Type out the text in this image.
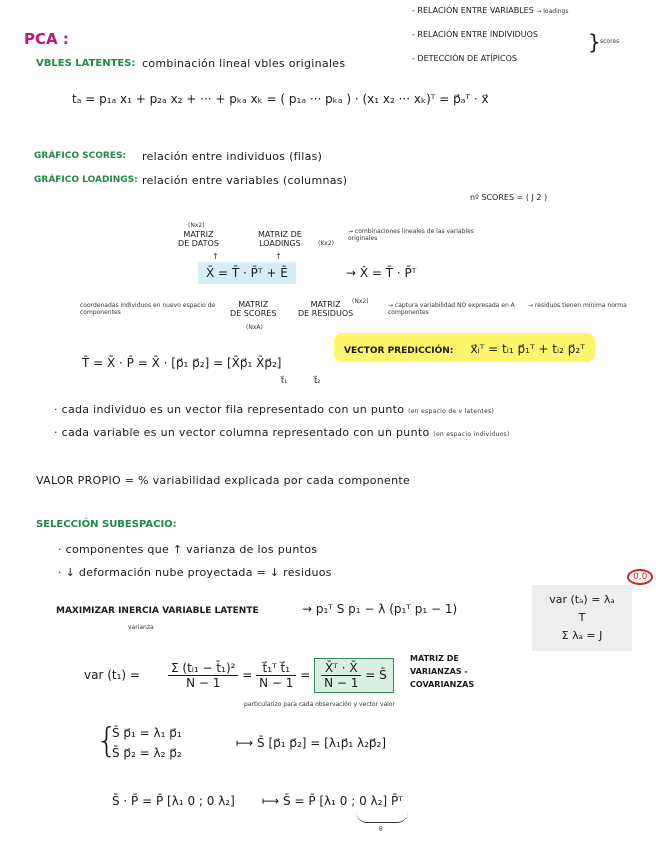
PCA :
- RELACIÓN ENTRE VARIABLES → loadings
- RELACIÓN ENTRE INDIVIDUOS
- DETECCIÓN DE ATÍPICOS
} scores
VBLES LATENTES: combinación lineal vbles originales
tₐ = p₁ₐ x₁ + p₂ₐ x₂ + ··· + pₖₐ xₖ = ( p₁ₐ ··· pₖₐ ) · (x₁ x₂ ··· xₖ)ᵀ = p⃗ₐᵀ · x⃗
GRÁFICO SCORES: relación entre individuos (filas)
GRÁFICO LOADINGS: relación entre variables (columnas)
nº SCORES = ( J 2 )
(Nx2)
MATRIZ
DE DATOS
MATRIZ DE
LOADINGS	(Kx2)
→ combinaciones lineales de las variables originales
↑	↑
X̄ = T̄ · P̄ᵀ + Ē	→ X̂ = T̄ · P̄ᵀ
coordenadas individuos en nuevo espacio de componentes
MATRIZ
DE SCORES
(NxA)
MATRIZ
DE RESIDUOS
(Nx2)
→ captura variabilidad NO expresada en A componentes
→ residuos tienen mínima norma
VECTOR PREDICCIÓN: x⃗ᵢᵀ = tᵢ₁ p⃗₁ᵀ + tᵢ₂ p⃗₂ᵀ
T̄ = X̄ · P̄ = X̄ · [p⃗₁ p⃗₂] = [X̄p⃗₁ X̄p⃗₂]
t⃗₁	t⃗₂
· cada individuo es un vector fila representado con un punto (en espacio de v latentes)
· cada variable es un vector columna representado con un punto (en espacio individuos)
VALOR PROPIO = % variabilidad explicada por cada componente
SELECCIÓN SUBESPACIO:
· componentes que ↑ varianza de los puntos
· ↓ deformación nube proyectada = ↓ residuos	0,0
var (tₐ) = λₐ
T
Σ λₐ = J
MAXIMIZAR INERCIA VARIABLE LATENTE
varianza
→ p₁ᵀ S p₁ − λ (p₁ᵀ p₁ − 1)
var $(t_1) = \frac{\text{Σ (tᵢ₁ − t̄₁)²}}{N - 1} = \frac{\text{t⃗₁ᵀ t⃗₁}}{N - 1} = \frac{\text{X̄ᵀ · X̄}}{N - 1}$ = S̄
MATRIZ DE
VARIANZAS -
COVARIANZAS
particularizo para cada observación y vector valor
{
S̄ p⃗₁ = λ₁ p⃗₁
S̄ p⃗₂ = λ₂ p⃗₂
⟼ S̄ [p⃗₁ p⃗₂] = [λ₁p⃗₁ λ₂p⃗₂]
S̄ · P̄ = P̄ [λ₁ 0 ; 0 λ₂] ⟼ S̄ = P̄ [λ₁ 0 ; 0 λ₂] P̄ᵀ
θ
